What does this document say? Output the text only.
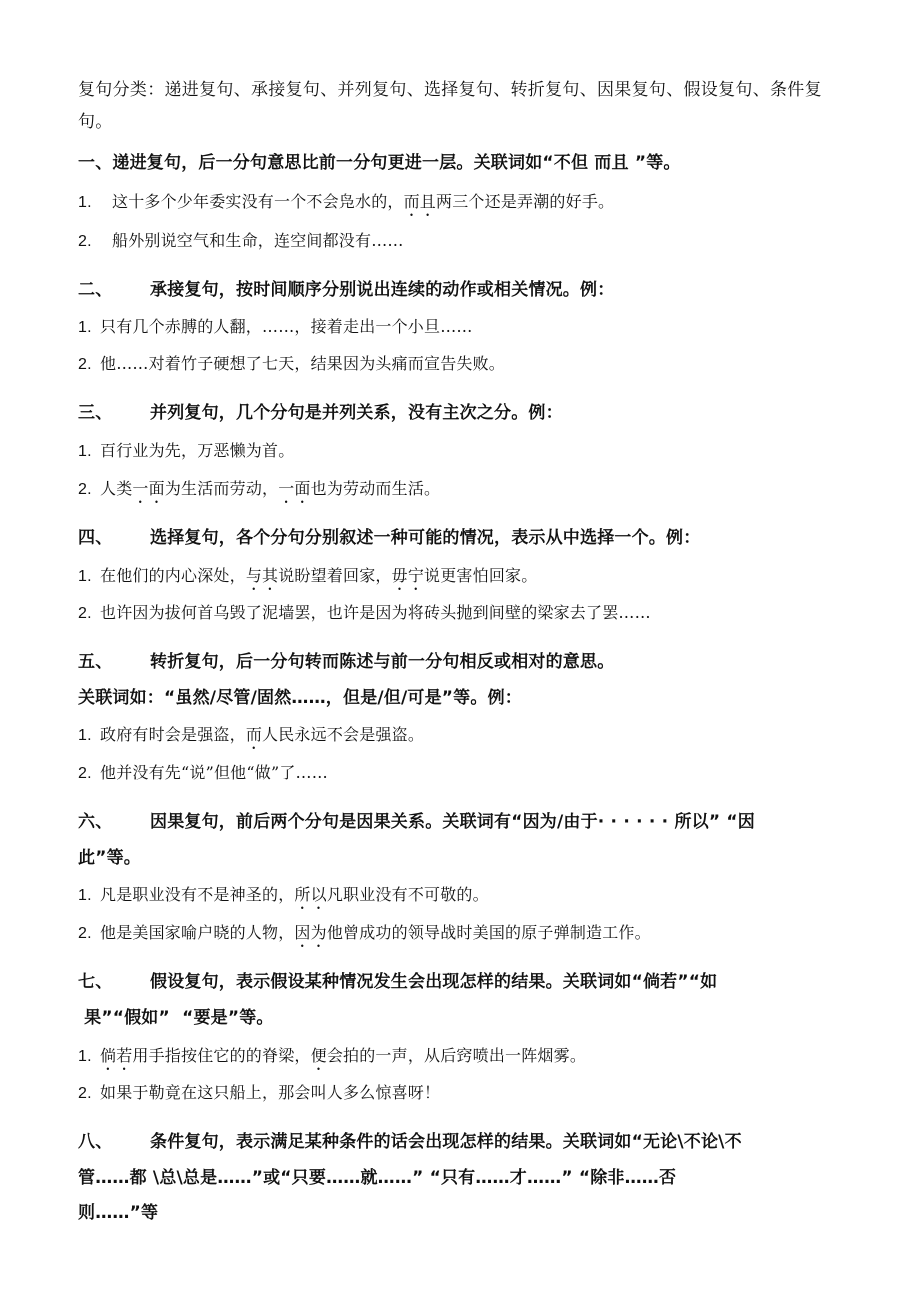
复句分类：递进复句、承接复句、并列复句、选择复句、转折复句、因果复句、假设复句、条件复句。
一、递进复句，后一分句意思比前一分句更进一层。关联词如“不但 而且 ”等。
1. 这十多个少年委实没有一个不会凫水的，而且两三个还是弄潮的好手。
2. 船外别说空气和生命，连空间都没有……
二、 承接复句，按时间顺序分别说出连续的动作或相关情况。例：
1. 只有几个赤膊的人翻，……，接着走出一个小旦……
2. 他……对着竹子硬想了七天，结果因为头痛而宣告失败。
三、 并列复句，几个分句是并列关系，没有主次之分。例：
1. 百行业为先，万恶懒为首。
2. 人类一面为生活而劳动，一面也为劳动而生活。
四、 选择复句，各个分句分别叙述一种可能的情况，表示从中选择一个。例：
1. 在他们的内心深处，与其说盼望着回家，毋宁说更害怕回家。
2. 也许因为拔何首乌毁了泥墙罢，也许是因为将砖头抛到间壁的梁家去了罢……
五、 转折复句，后一分句转而陈述与前一分句相反或相对的意思。
关联词如：“虽然/尽管/固然……，但是/但/可是”等。例：
1. 政府有时会是强盗，而人民永远不会是强盗。
2. 他并没有先“说”但他“做”了……
六、 因果复句，前后两个分句是因果关系。关联词有“因为/由于· · · · · · 所以” “因
此”等。
1. 凡是职业没有不是神圣的，所以凡职业没有不可敬的。
2. 他是美国家喻户晓的人物，因为他曾成功的领导战时美国的原子弹制造工作。
七、 假设复句，表示假设某种情况发生会出现怎样的结果。关联词如“倘若”“如
果”“假如”  “要是”等。
1. 倘若用手指按住它的的脊梁，便会拍的一声，从后窍喷出一阵烟雾。
2. 如果于勒竟在这只船上，那会叫人多么惊喜呀！
八、 条件复句，表示满足某种条件的话会出现怎样的结果。关联词如“无论\不论\不
管……都 \总\总是……”或“只要……就……” “只有……才……” “除非……否
则……”等
